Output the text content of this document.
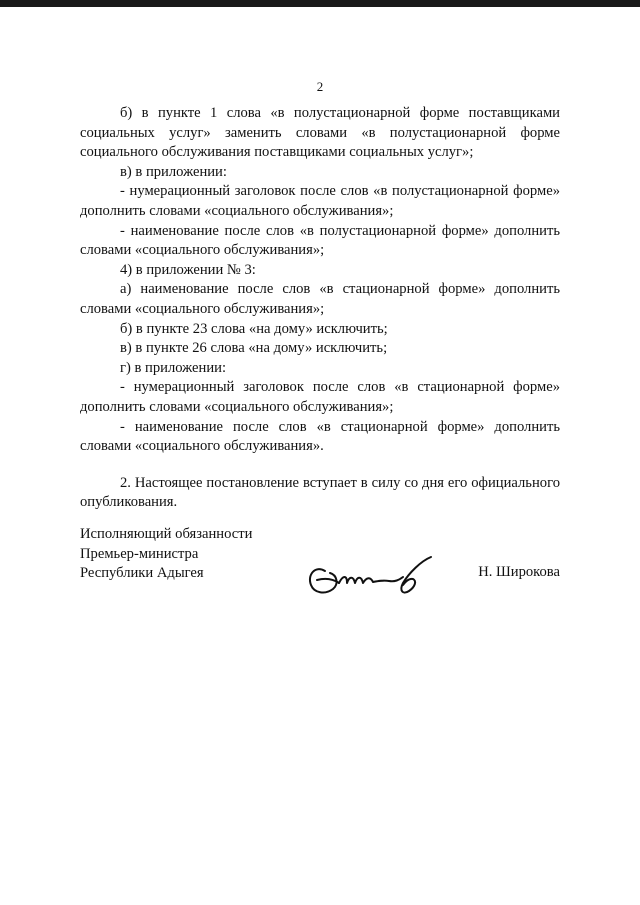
2

б) в пункте 1 слова «в полустационарной форме поставщиками социальных услуг» заменить словами «в полустационарной форме социального обслуживания поставщиками социальных услуг»;

в) в приложении:

- нумерационный заголовок после слов «в полустационарной форме» дополнить словами «социального обслуживания»;

- наименование после слов «в полустационарной форме» дополнить словами «социального обслуживания»;

4) в приложении № 3:

а) наименование после слов «в стационарной форме» дополнить словами «социального обслуживания»;

б) в пункте 23 слова «на дому» исключить;

в) в пункте 26 слова «на дому» исключить;

г) в приложении:

- нумерационный заголовок после слов «в стационарной форме» дополнить словами «социального обслуживания»;

- наименование после слов «в стационарной форме» дополнить словами «социального обслуживания».

2. Настоящее постановление вступает в силу со дня его официального опубликования.

Исполняющий обязанности
Премьер-министра
Республики Адыгея	Н. Широкова
